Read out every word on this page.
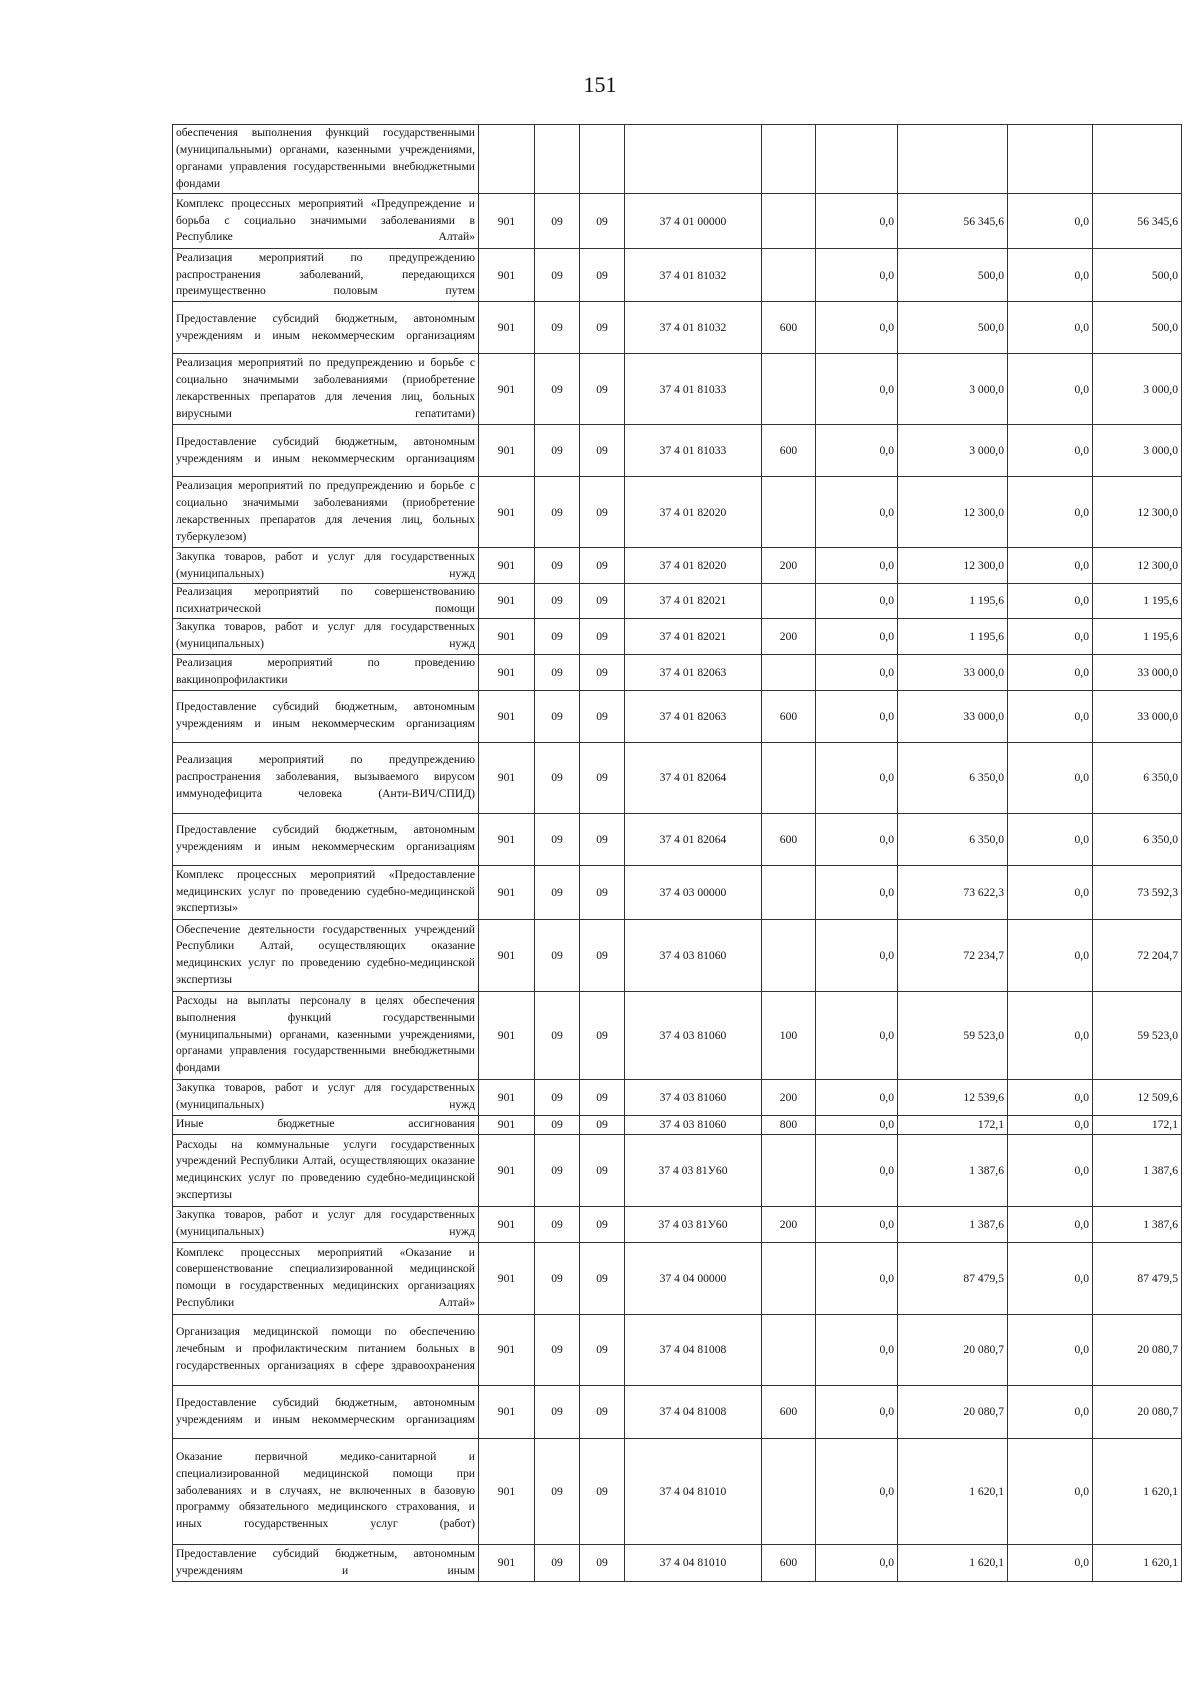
151
обеспечения выполнения функций государственными (муниципальными) органами, казенными учреждениями, органами управления государственными внебюджетными фондами									
Комплекс процессных мероприятий «Предупреждение и борьба с социально значимыми заболеваниями в Республике Алтай»	901	09	09	37 4 01 00000		0,0	56 345,6	0,0	56 345,6
Реализация мероприятий по предупреждению распространения заболеваний, передающихся преимущественно половым путем	901	09	09	37 4 01 81032		0,0	500,0	0,0	500,0
Предоставление субсидий бюджетным, автономным учреждениям и иным некоммерческим организациям	901	09	09	37 4 01 81032	600	0,0	500,0	0,0	500,0
Реализация мероприятий по предупреждению и борьбе с социально значимыми заболеваниями (приобретение лекарственных препаратов для лечения лиц, больных вирусными гепатитами)	901	09	09	37 4 01 81033		0,0	3 000,0	0,0	3 000,0
Предоставление субсидий бюджетным, автономным учреждениям и иным некоммерческим организациям	901	09	09	37 4 01 81033	600	0,0	3 000,0	0,0	3 000,0
Реализация мероприятий по предупреждению и борьбе с социально значимыми заболеваниями (приобретение лекарственных препаратов для лечения лиц, больных туберкулезом)	901	09	09	37 4 01 82020		0,0	12 300,0	0,0	12 300,0
Закупка товаров, работ и услуг для государственных (муниципальных) нужд	901	09	09	37 4 01 82020	200	0,0	12 300,0	0,0	12 300,0
Реализация мероприятий по совершенствованию психиатрической помощи	901	09	09	37 4 01 82021		0,0	1 195,6	0,0	1 195,6
Закупка товаров, работ и услуг для государственных (муниципальных) нужд	901	09	09	37 4 01 82021	200	0,0	1 195,6	0,0	1 195,6
Реализация мероприятий по проведению вакцинопрофилактики	901	09	09	37 4 01 82063		0,0	33 000,0	0,0	33 000,0
Предоставление субсидий бюджетным, автономным учреждениям и иным некоммерческим организациям	901	09	09	37 4 01 82063	600	0,0	33 000,0	0,0	33 000,0
Реализация мероприятий по предупреждению распространения заболевания, вызываемого вирусом иммунодефицита человека (Анти-ВИЧ/СПИД)	901	09	09	37 4 01 82064		0,0	6 350,0	0,0	6 350,0
Предоставление субсидий бюджетным, автономным учреждениям и иным некоммерческим организациям	901	09	09	37 4 01 82064	600	0,0	6 350,0	0,0	6 350,0
Комплекс процессных мероприятий «Предоставление медицинских услуг по проведению судебно-медицинской экспертизы»	901	09	09	37 4 03 00000		0,0	73 622,3	0,0	73 592,3
Обеспечение деятельности государственных учреждений Республики Алтай, осуществляющих оказание медицинских услуг по проведению судебно-медицинской экспертизы	901	09	09	37 4 03 81060		0,0	72 234,7	0,0	72 204,7
Расходы на выплаты персоналу в целях обеспечения выполнения функций государственными (муниципальными) органами, казенными учреждениями, органами управления государственными внебюджетными фондами	901	09	09	37 4 03 81060	100	0,0	59 523,0	0,0	59 523,0
Закупка товаров, работ и услуг для государственных (муниципальных) нужд	901	09	09	37 4 03 81060	200	0,0	12 539,6	0,0	12 509,6
Иные бюджетные ассигнования	901	09	09	37 4 03 81060	800	0,0	172,1	0,0	172,1
Расходы на коммунальные услуги государственных учреждений Республики Алтай, осуществляющих оказание медицинских услуг по проведению судебно-медицинской экспертизы	901	09	09	37 4 03 81У60		0,0	1 387,6	0,0	1 387,6
Закупка товаров, работ и услуг для государственных (муниципальных) нужд	901	09	09	37 4 03 81У60	200	0,0	1 387,6	0,0	1 387,6
Комплекс процессных мероприятий «Оказание и совершенствование специализированной медицинской помощи в государственных медицинских организациях Республики Алтай»	901	09	09	37 4 04 00000		0,0	87 479,5	0,0	87 479,5
Организация медицинской помощи по обеспечению лечебным и профилактическим питанием больных в государственных организациях в сфере здравоохранения	901	09	09	37 4 04 81008		0,0	20 080,7	0,0	20 080,7
Предоставление субсидий бюджетным, автономным учреждениям и иным некоммерческим организациям	901	09	09	37 4 04 81008	600	0,0	20 080,7	0,0	20 080,7
Оказание первичной медико-санитарной и специализированной медицинской помощи при заболеваниях и в случаях, не включенных в базовую программу обязательного медицинского страхования, и иных государственных услуг (работ)	901	09	09	37 4 04 81010		0,0	1 620,1	0,0	1 620,1
Предоставление субсидий бюджетным, автономным учреждениям и иным	901	09	09	37 4 04 81010	600	0,0	1 620,1	0,0	1 620,1
